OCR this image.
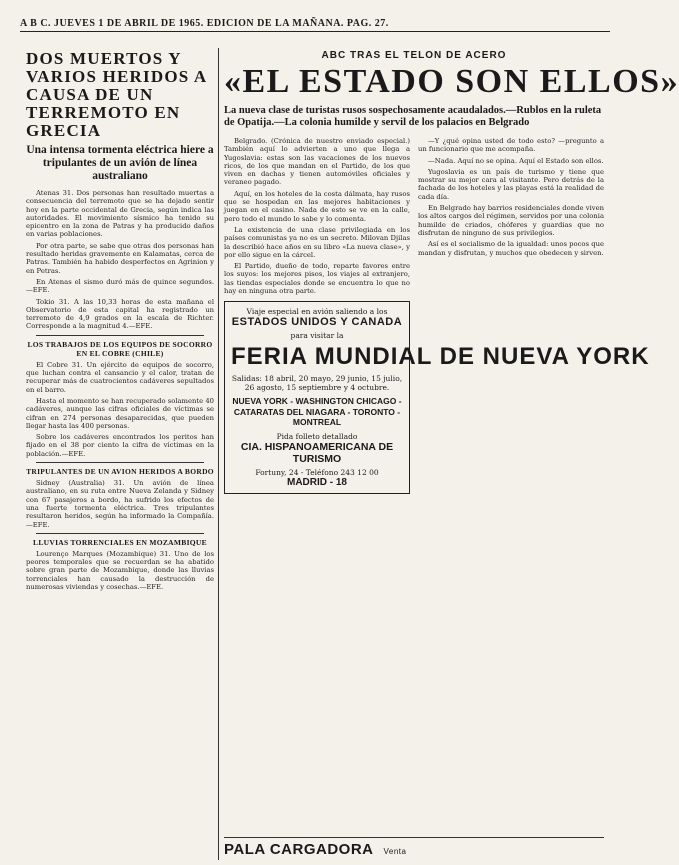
A B C. JUEVES 1 DE ABRIL DE 1965. EDICION DE LA MAÑANA. PAG. 27.
DOS MUERTOS Y VARIOS HERIDOS A CAUSA DE UN TERREMOTO EN GRECIA
Una intensa tormenta eléctrica hiere a tripulantes de un avión de línea australiano
Atenas 31. Dos personas han resultado muertas a consecuencia del terremoto que se ha dejado sentir hoy en la parte occidental de Grecia, según indica las autoridades. El movimiento sísmico ha tenido su epicentro en la zona de Patras y ha producido daños en varias poblaciones.
Por otra parte, se sabe que otras dos personas han resultado heridas gravemente en Kalamatas, cerca de Patras. También ha habido desperfectos en Agrinion y en Petras.
En Atenas el sismo duró más de quince segundos.—EFE.
Tokio 31. A las 10,33 horas de esta mañana el Observatorio de esta capital ha registrado un terremoto de 4,9 grados en la escala de Richter. Corresponde a la magnitud 4.—EFE.
LOS TRABAJOS DE LOS EQUIPOS DE SOCORRO EN EL COBRE (CHILE)
El Cobre 31. Un ejército de equipos de socorro, que luchan contra el cansancio y el calor, tratan de recuperar más de cuatrocientos cadáveres sepultados en el barro.
Hasta el momento se han recuperado solamente 40 cadáveres, aunque las cifras oficiales de víctimas se cifran en 274 personas desaparecidas, que pueden llegar hasta las 400 personas.
Sobre los cadáveres encontrados los peritos han fijado en el 38 por ciento la cifra de víctimas en la población.—EFE.
TRIPULANTES DE UN AVION HERIDOS A BORDO
Sidney (Australia) 31. Un avión de línea australiano, en su ruta entre Nueva Zelanda y Sidney con 67 pasajeros a bordo, ha sufrido los efectos de una fuerte tormenta eléctrica. Tres tripulantes resultaron heridos, según ha informado la Compañía.—EFE.
LLUVIAS TORRENCIALES EN MOZAMBIQUE
Lourenço Marques (Mozambique) 31. Uno de los peores temporales que se recuerdan se ha abatido sobre gran parte de Mozambique, donde las lluvias torrenciales han causado la destrucción de numerosas viviendas y cosechas.—EFE.
ABC TRAS EL TELON DE ACERO
«EL ESTADO SON ELLOS»
La nueva clase de turistas rusos sospechosamente acaudalados.—Rublos en la ruleta de Opatija.—La colonia humilde y servil de los palacios en Belgrado
Belgrado. (Crónica de nuestro enviado especial.) También aquí lo advierten a uno que llega a Yugoslavia: estas son las vacaciones de los nuevos ricos, de los que mandan en el Partido, de los que viven en dachas y tienen automóviles oficiales y veraneo pagado.
Aquí, en los hoteles de la costa dálmata, hay rusos que se hospedan en las mejores habitaciones y juegan en el casino. Nada de esto se ve en la calle, pero todo el mundo lo sabe y lo comenta.
La existencia de una clase privilegiada en los países comunistas ya no es un secreto. Milovan Djilas la describió hace años en su libro «La nueva clase», y por ello sigue en la cárcel.
El Partido, dueño de todo, reparte favores entre los suyos: los mejores pisos, los viajes al extranjero, las tiendas especiales donde se encuentra lo que no hay en ninguna otra parte.
Viaje especial en avión saliendo a los
ESTADOS UNIDOS Y CANADA
para visitar la
FERIA MUNDIAL DE NUEVA YORK
Salidas: 18 abril, 20 mayo, 29 junio, 15 julio, 26 agosto, 15 septiembre y 4 octubre.
NUEVA YORK - WASHINGTON CHICAGO - CATARATAS DEL NIAGARA - TORONTO - MONTREAL
Pida folleto detallado
CIA. HISPANOAMERICANA DE TURISMO
Fortuny, 24 - Teléfono 243 12 00
MADRID - 18
—Y ¿qué opina usted de todo esto? —pregunto a un funcionario que me acompaña.
—Nada. Aquí no se opina. Aquí el Estado son ellos.
Yugoslavia es un país de turismo y tiene que mostrar su mejor cara al visitante. Pero detrás de la fachada de los hoteles y las playas está la realidad de cada día.
En Belgrado hay barrios residenciales donde viven los altos cargos del régimen, servidos por una colonia humilde de criados, chóferes y guardias que no disfrutan de ninguno de sus privilegios.
Así es el socialismo de la igualdad: unos pocos que mandan y disfrutan, y muchos que obedecen y sirven.
PALA CARGADORA Venta
